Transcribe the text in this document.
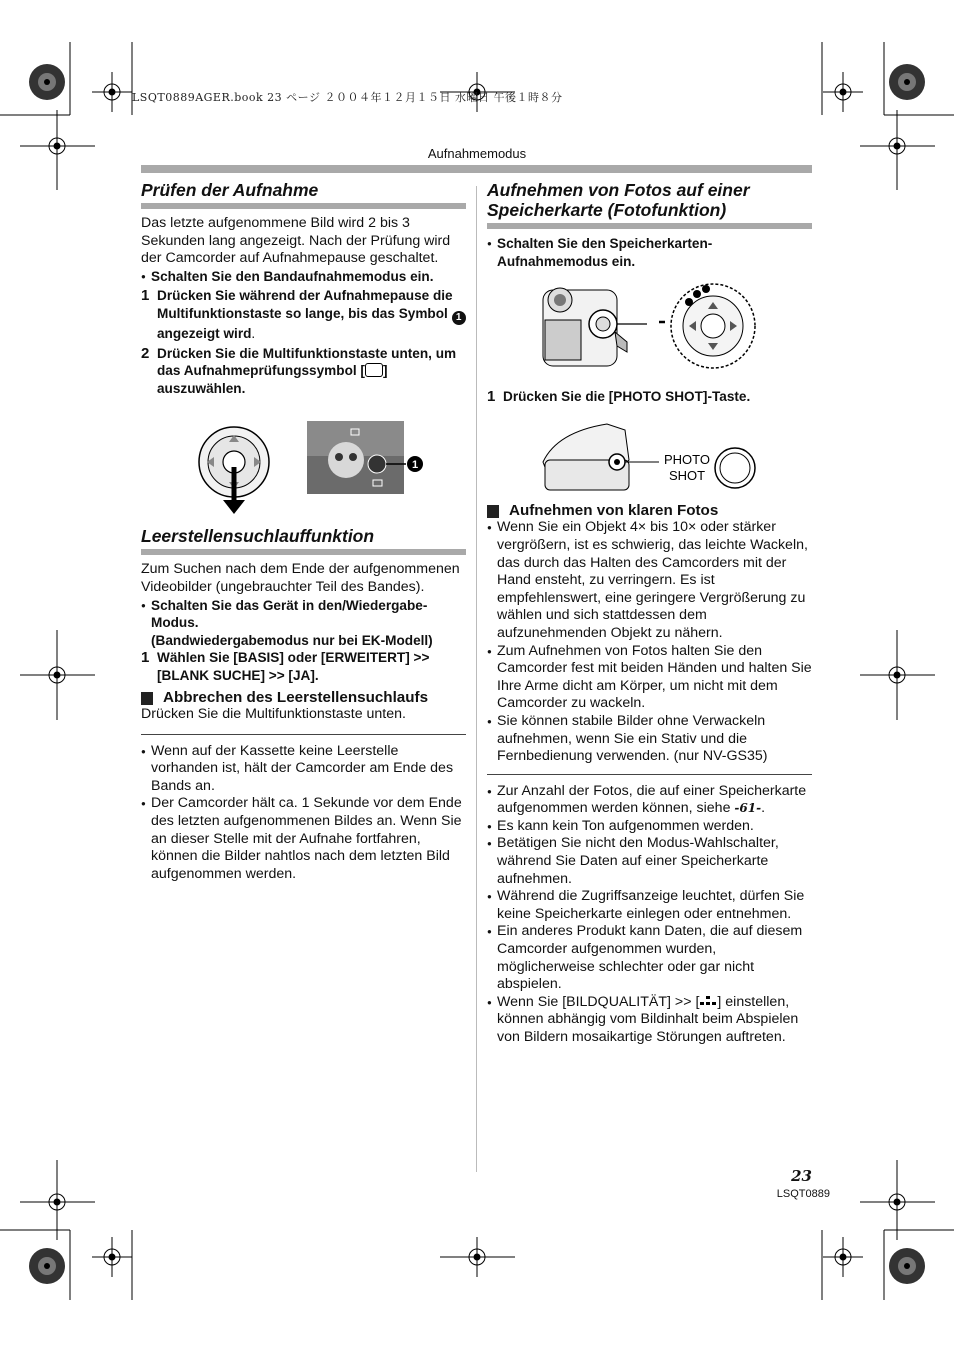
LSQT0889AGER.book 23 ページ ２００４年１２月１５日 水曜日 午後１時８分
Aufnahmemodus
Prüfen der Aufnahme

Das letzte aufgenommene Bild wird 2 bis 3 Sekunden lang angezeigt. Nach der Prüfung wird der Camcorder auf Aufnahmepause geschaltet.

● Schalten Sie den Bandaufnahmemodus ein.

1 Drücken Sie während der Aufnahmepause die Multifunktionstaste so lange, bis das Symbol 1 angezeigt wird.

2 Drücken Sie die Multifunktionstaste unten, um das Aufnahmeprüfungssymbol [ ] auszuwählen.

1
Leerstellensuchlauffunktion

Zum Suchen nach dem Ende der aufgenommenen Videobilder (ungebrauchter Teil des Bandes).

● Schalten Sie das Gerät in den/Wiedergabe-Modus.

(Bandwiedergabemodus nur bei EK-Modell)

1 Wählen Sie [BASIS] oder [ERWEITERT] >> [BLANK SUCHE] >> [JA].

Abbrechen des Leerstellensuchlaufs

Drücken Sie die Multifunktionstaste unten.

● Wenn auf der Kassette keine Leerstelle vorhanden ist, hält der Camcorder am Ende des Bands an.

● Der Camcorder hält ca. 1 Sekunde vor dem Ende des letzten aufgenommenen Bildes an. Wenn Sie an dieser Stelle mit der Aufnahe fortfahren, können die Bilder nahtlos nach dem letzten Bild aufgenommen werden.

Aufnehmen von Fotos auf einer Speicherkarte (Fotofunktion)

● Schalten Sie den Speicherkarten-Aufnahmemodus ein.

1 Drücken Sie die [PHOTO SHOT]-Taste.

PHOTO
SHOT

Aufnehmen von klaren Fotos

● Wenn Sie ein Objekt 4× bis 10× oder stärker vergrößern, ist es schwierig, das leichte Wackeln, das durch das Halten des Camcorders mit der Hand ensteht, zu verringern. Es ist empfehlenswert, eine geringere Vergrößerung zu wählen und sich stattdessen dem aufzunehmenden Objekt zu nähern.

● Zum Aufnehmen von Fotos halten Sie den Camcorder fest mit beiden Händen und halten Sie Ihre Arme dicht am Körper, um nicht mit dem Camcorder zu wackeln.

● Sie können stabile Bilder ohne Verwackeln aufnehmen, wenn Sie ein Stativ und die Fernbedienung verwenden. (nur NV-GS35)

● Zur Anzahl der Fotos, die auf einer Speicherkarte aufgenommen werden können, siehe -61-.

● Es kann kein Ton aufgenommen werden.

● Betätigen Sie nicht den Modus-Wahlschalter, während Sie Daten auf einer Speicherkarte aufnehmen.

● Während die Zugriffsanzeige leuchtet, dürfen Sie keine Speicherkarte einlegen oder entnehmen.

● Ein anderes Produkt kann Daten, die auf diesem Camcorder aufgenommen wurden, möglicherweise schlechter oder gar nicht abspielen.

● Wenn Sie [BILDQUALITÄT] >> [ ] einstellen, können abhängig vom Bildinhalt beim Abspielen von Bildern mosaikartige Störungen auftreten.

23
LSQT0889
